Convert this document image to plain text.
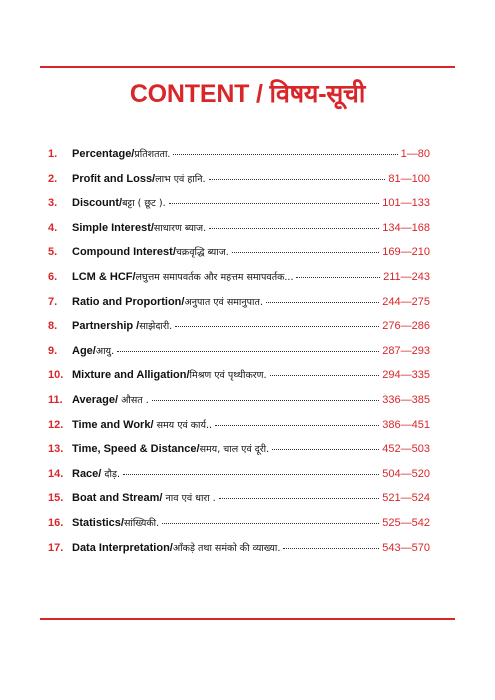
CONTENT / विषय-सूची
1.	Percentage/प्रतिशतता.	1—80
2.	Profit and Loss/लाभ एवं हानि.	81—100
3.	Discount/बट्टा ( छूट ).	101—133
4.	Simple Interest/साधारण ब्याज.	134—168
5.	Compound Interest/चक्रवृद्धि ब्याज.	169—210
6.	LCM & HCF/लघुत्तम समापवर्तक और महत्तम समापवर्तक...	211—243
7.	Ratio and Proportion/अनुपात एवं समानुपात.	244—275
8.	Partnership /साझेदारी.	276—286
9.	Age/आयु.	287—293
10. Mixture and Alligation/मिश्रण एवं पृथ्थीकरण.	294—335
11. Average/ औसत .	336—385
12. Time and Work/ समय एवं कार्य..	386—451
13. Time, Speed & Distance/समय, चाल एवं दूरी.	452—503
14. Race/ दौड़.	504—520
15. Boat and Stream/ नाव एवं धारा .	521—524
16. Statistics/सांख्यिकी.	525—542
17. Data Interpretation/आँकड़े तथा समंको की व्याख्या.	543—570
